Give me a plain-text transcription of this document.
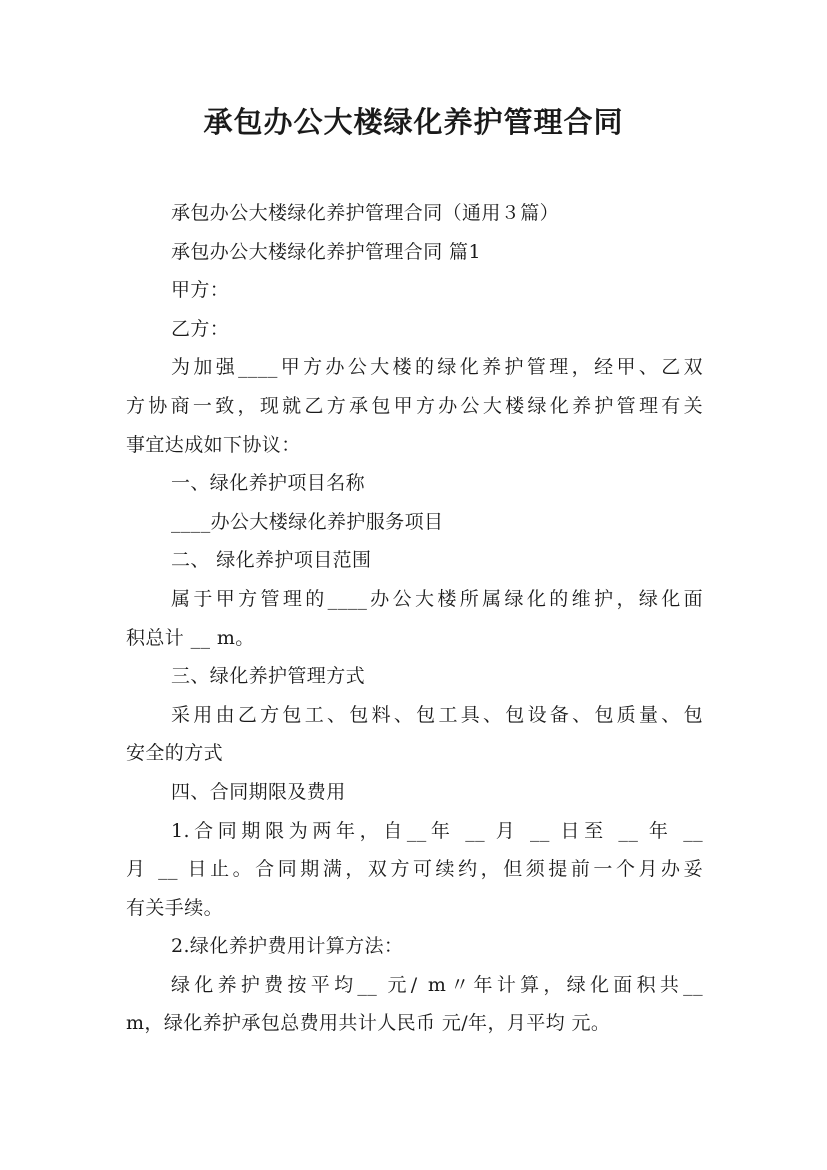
承包办公大楼绿化养护管理合同
承包办公大楼绿化养护管理合同（通用３篇）
承包办公大楼绿化养护管理合同 篇1
甲方：
乙方：
为加强____甲方办公大楼的绿化养护管理，经甲、乙双
方协商一致，现就乙方承包甲方办公大楼绿化养护管理有关
事宜达成如下协议：
一、绿化养护项目名称
____办公大楼绿化养护服务项目
二、 绿化养护项目范围
属于甲方管理的____办公大楼所属绿化的维护，绿化面
积总计 __ m。
三、绿化养护管理方式
采用由乙方包工、包料、包工具、包设备、包质量、包
安全的方式
四、合同期限及费用
1.合同期限为两年，自__年 __ 月 __ 日至 __ 年 __
月 __ 日止。合同期满，双方可续约，但须提前一个月办妥
有关手续。
2.绿化养护费用计算方法：
绿化养护费按平均__ 元/ m〃年计算，绿化面积共__
m，绿化养护承包总费用共计人民币 元/年，月平均 元。
